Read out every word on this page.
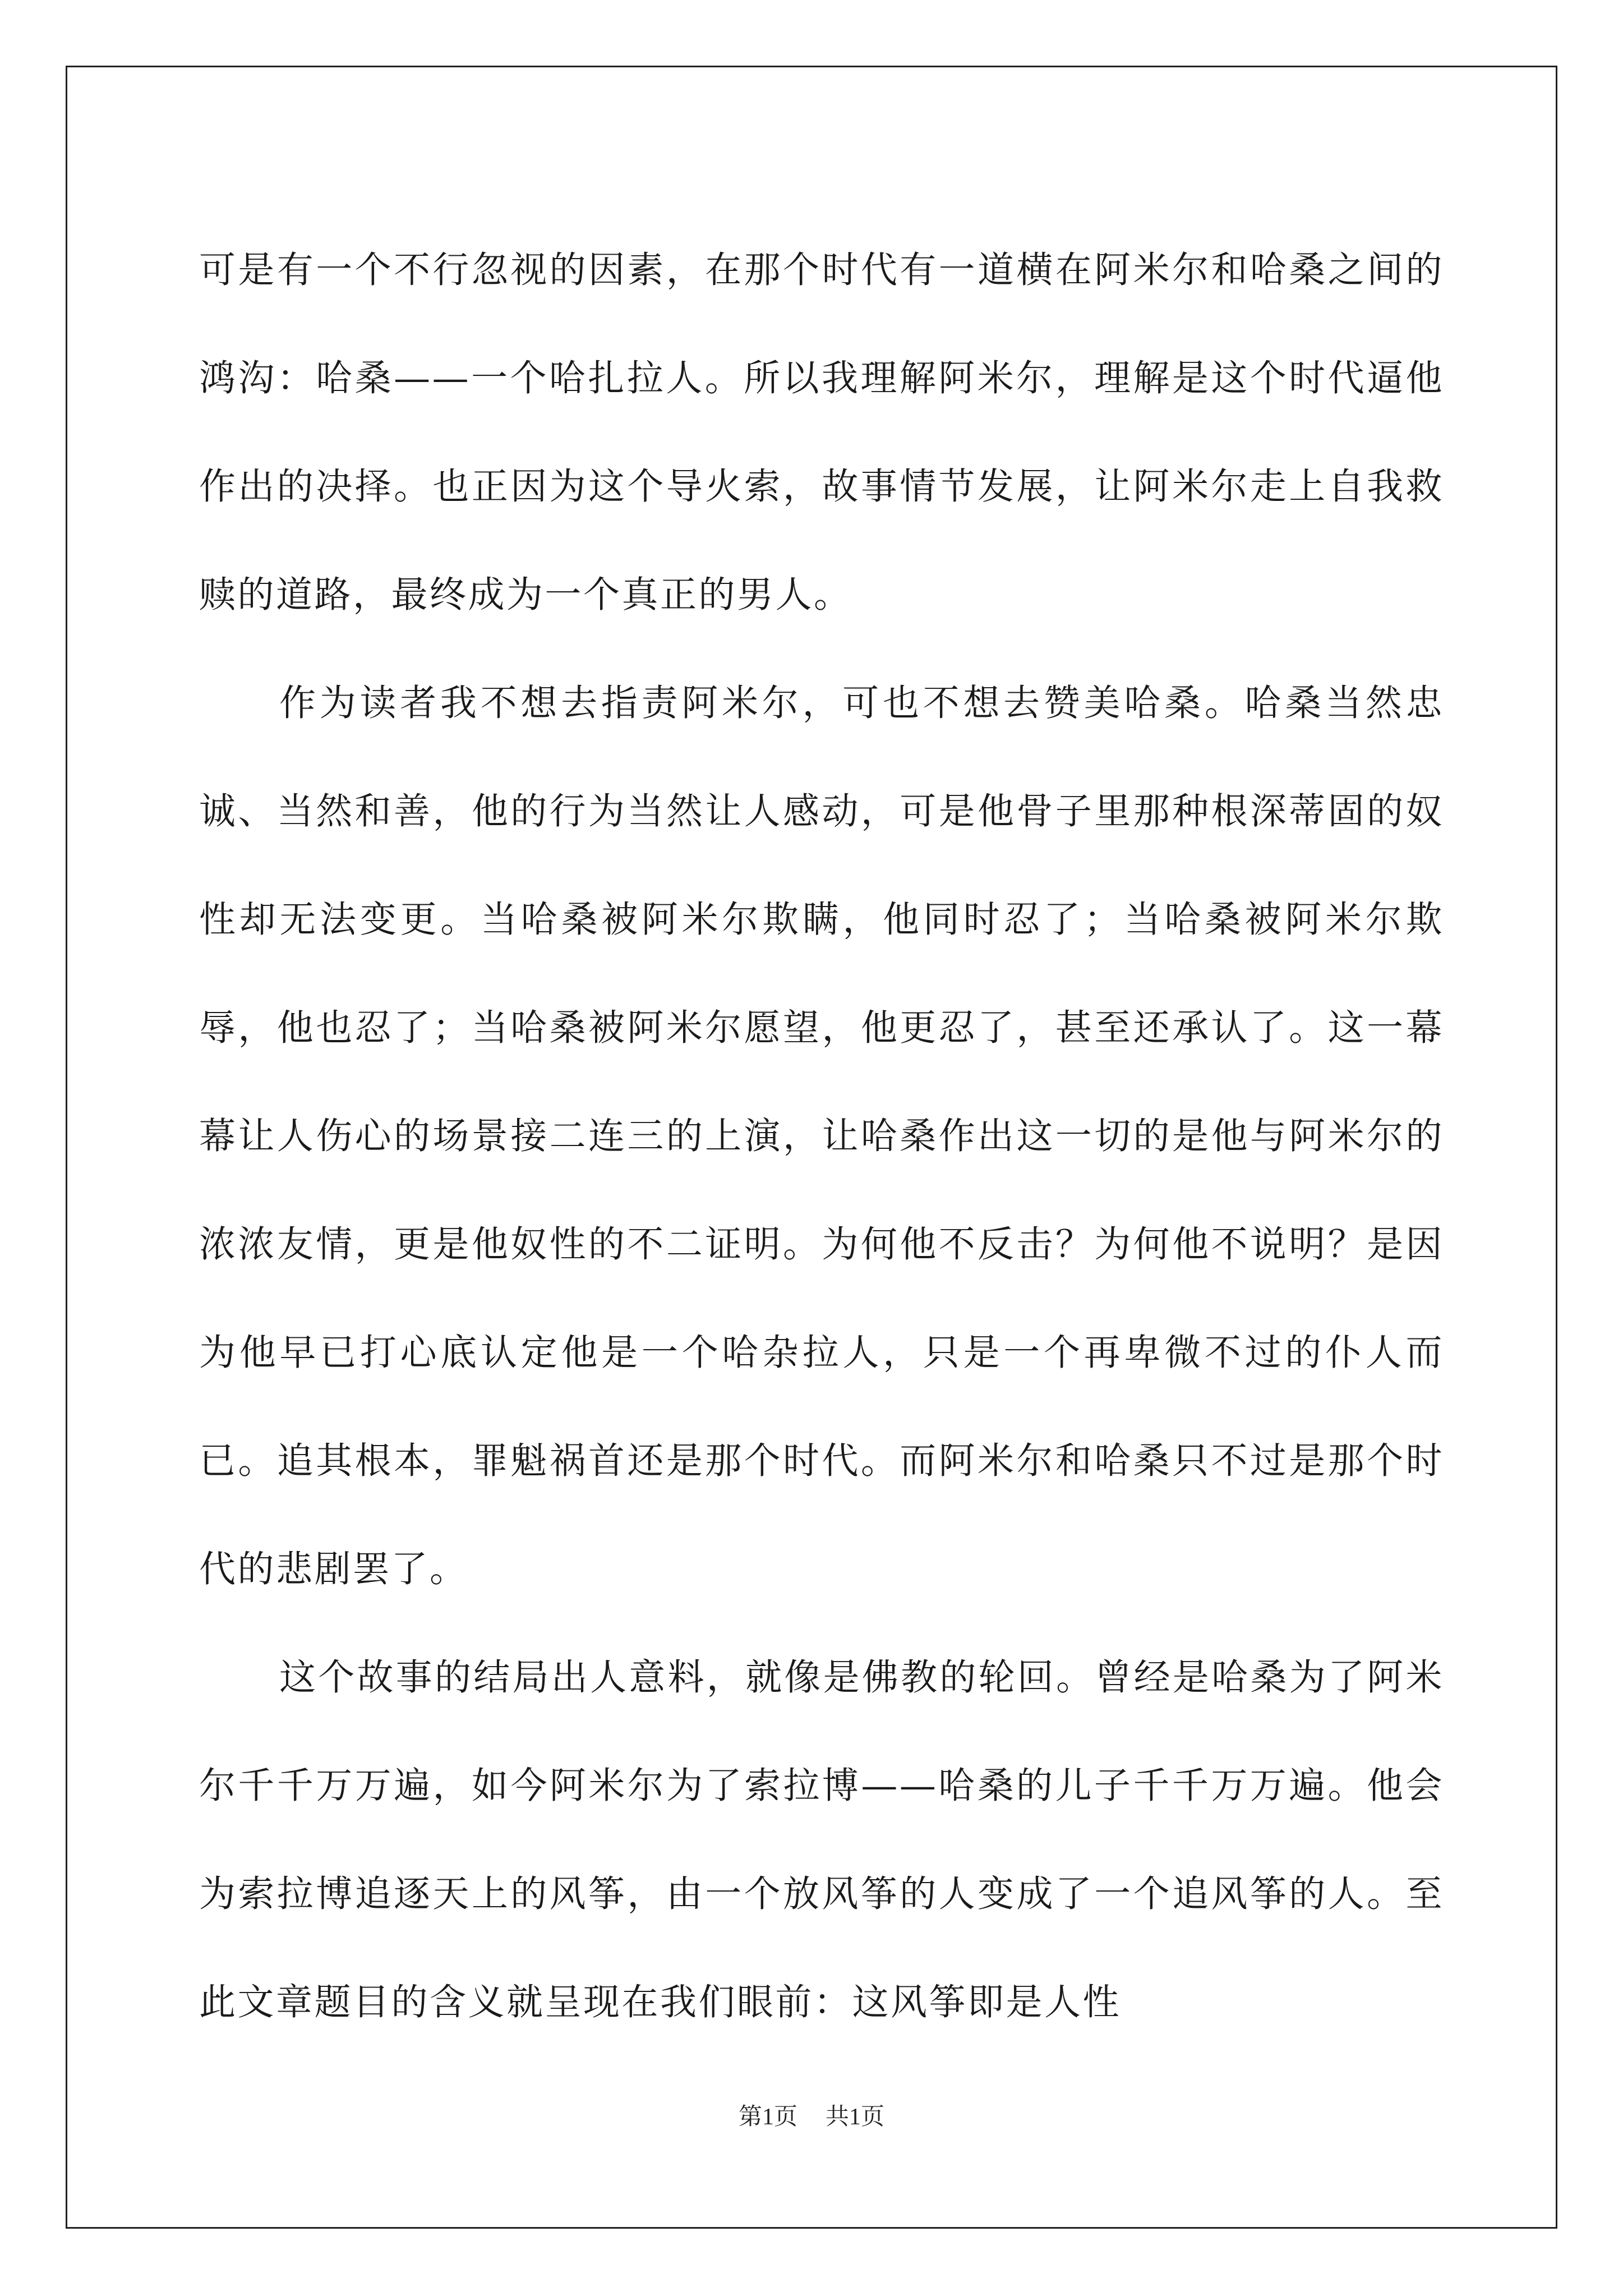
可是有一个不行忽视的因素，在那个时代有一道横在阿米尔和哈桑之间的鸿沟：哈桑——一个哈扎拉人。所以我理解阿米尔，理解是这个时代逼他作出的决择。也正因为这个导火索，故事情节发展，让阿米尔走上自我救赎的道路，最终成为一个真正的男人。

作为读者我不想去指责阿米尔，可也不想去赞美哈桑。哈桑当然忠诚、当然和善，他的行为当然让人感动，可是他骨子里那种根深蒂固的奴性却无法变更。当哈桑被阿米尔欺瞒，他同时忍了；当哈桑被阿米尔欺辱，他也忍了；当哈桑被阿米尔愿望，他更忍了，甚至还承认了。这一幕幕让人伤心的场景接二连三的上演，让哈桑作出这一切的是他与阿米尔的浓浓友情，更是他奴性的不二证明。为何他不反击？为何他不说明？是因为他早已打心底认定他是一个哈杂拉人，只是一个再卑微不过的仆人而已。追其根本，罪魁祸首还是那个时代。而阿米尔和哈桑只不过是那个时代的悲剧罢了。

这个故事的结局出人意料，就像是佛教的轮回。曾经是哈桑为了阿米尔千千万万遍，如今阿米尔为了索拉博——哈桑的儿子千千万万遍。他会为索拉博追逐天上的风筝，由一个放风筝的人变成了一个追风筝的人。至此文章题目的含义就呈现在我们眼前：这风筝即是人性

第1页 共1页
